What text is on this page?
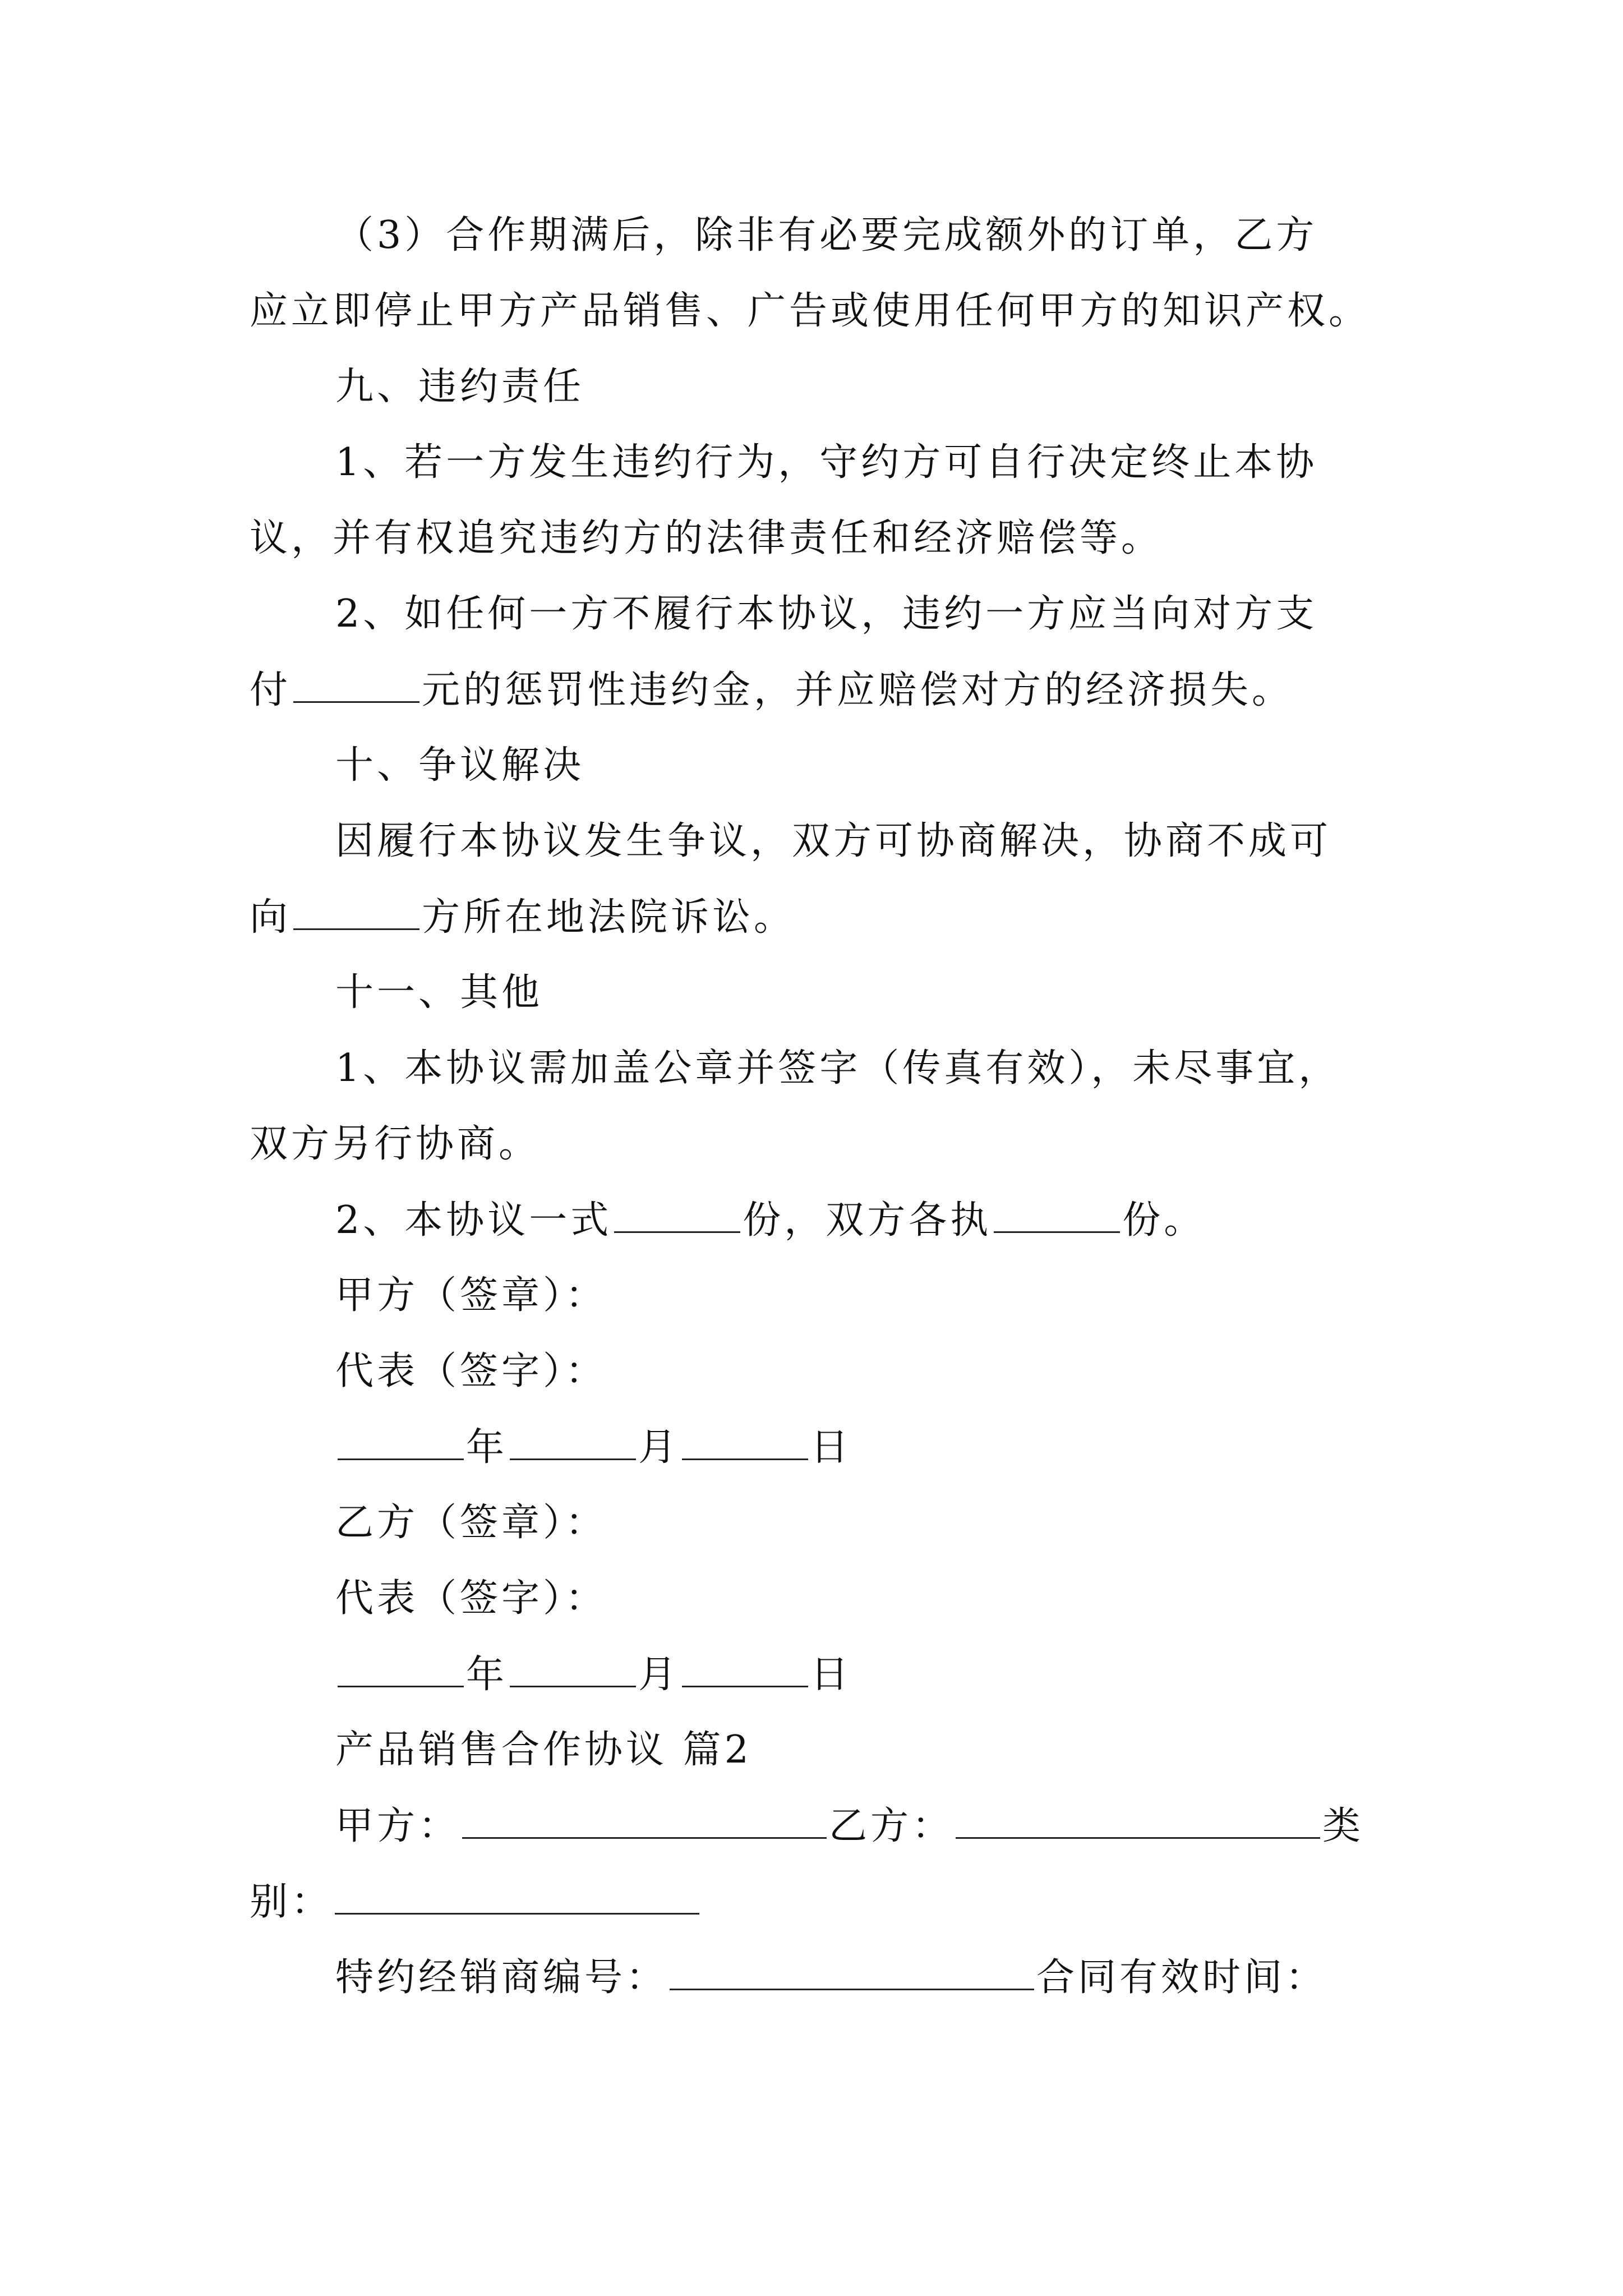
（3）合作期满后，除非有必要完成额外的订单，乙方
应立即停止甲方产品销售、广告或使用任何甲方的知识产权。
九、违约责任
1、若一方发生违约行为，守约方可自行决定终止本协
议，并有权追究违约方的法律责任和经济赔偿等。
2、如任何一方不履行本协议，违约一方应当向对方支
付	元的惩罚性违约金，并应赔偿对方的经济损失。
十、争议解决
因履行本协议发生争议，双方可协商解决，协商不成可
向	方所在地法院诉讼。
十一、其他
1、本协议需加盖公章并签字（传真有效），未尽事宜，
双方另行协商。
2、本协议一式	份，双方各执	份。
甲方（签章）：
代表（签字）：
年	月	日
乙方（签章）：
代表（签字）：
年	月	日
产品销售合作协议 篇2
甲方：	乙方：	类
别：
特约经销商编号：	合同有效时间：
